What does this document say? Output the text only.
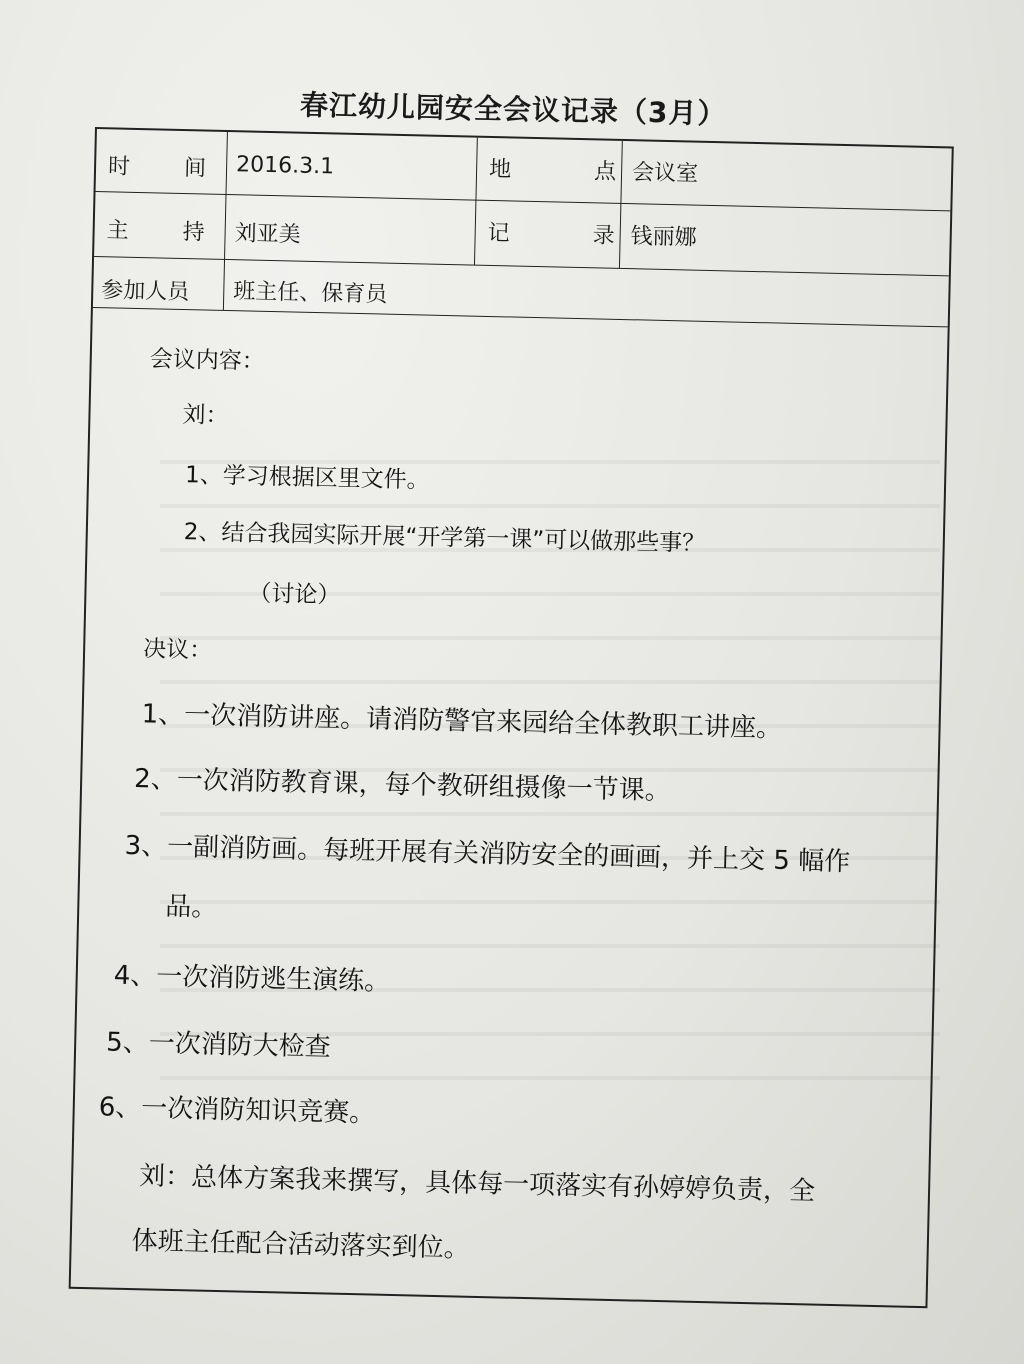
春江幼儿园安全会议记录（3月）
时 间 2016.3.1	地	点 会议室
主 持 刘亚美	记	录 钱丽娜
参加人员 班主任、保育员
会议内容：
刘：
1、学习根据区里文件。
2、结合我园实际开展“开学第一课”可以做那些事？
（讨论）
决议：
1、一次消防讲座。请消防警官来园给全体教职工讲座。
2、一次消防教育课，每个教研组摄像一节课。
3、一副消防画。每班开展有关消防安全的画画，并上交 5 幅作
品。
4、一次消防逃生演练。
5、一次消防大检查
6、一次消防知识竞赛。
刘：总体方案我来撰写，具体每一项落实有孙婷婷负责，全
体班主任配合活动落实到位。
